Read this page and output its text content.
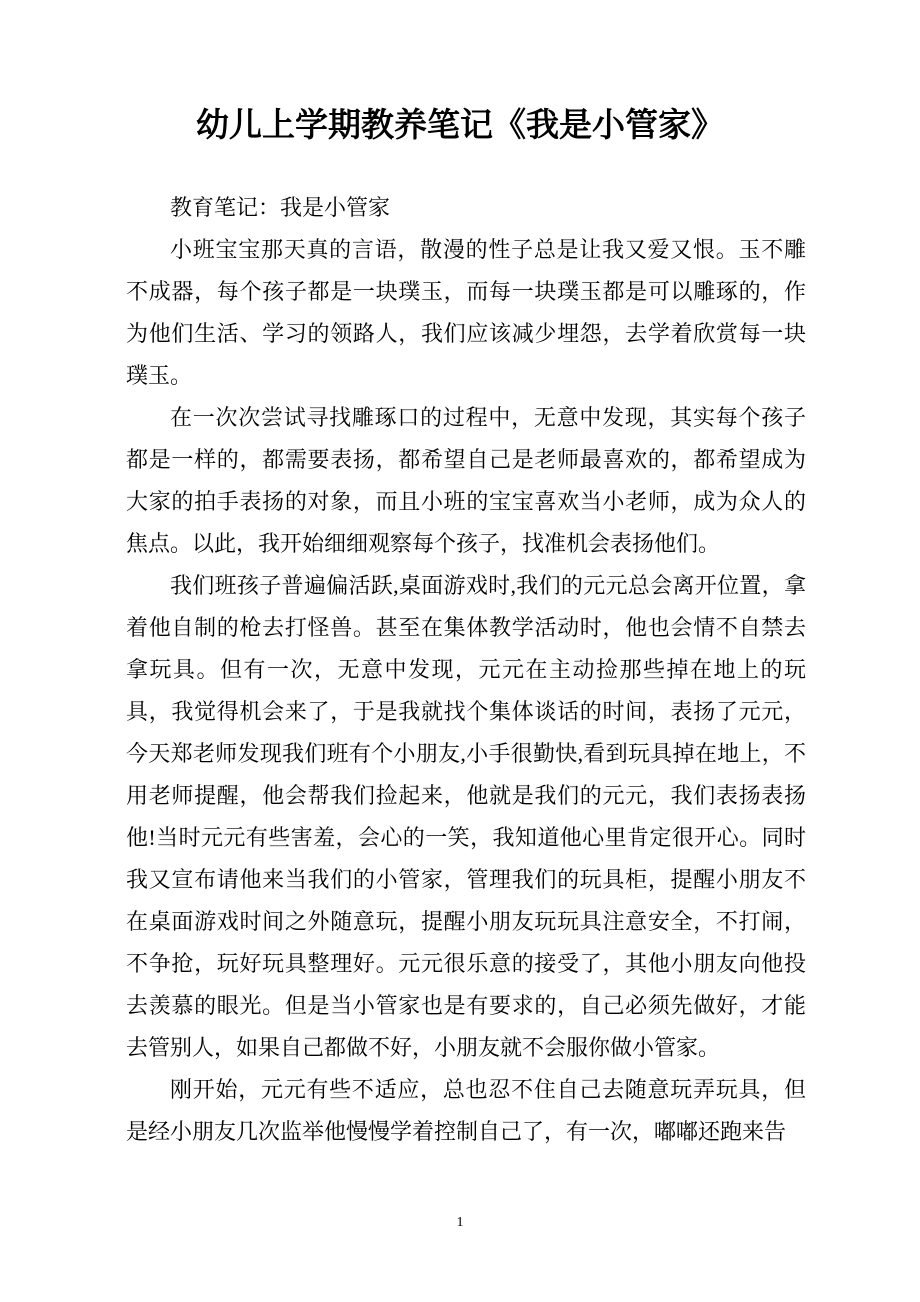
幼儿上学期教养笔记《我是小管家》

教育笔记：我是小管家

小班宝宝那天真的言语，散漫的性子总是让我又爱又恨。玉不雕不成器，每个孩子都是一块璞玉，而每一块璞玉都是可以雕琢的，作为他们生活、学习的领路人，我们应该减少埋怨，去学着欣赏每一块璞玉。

在一次次尝试寻找雕琢口的过程中，无意中发现，其实每个孩子都是一样的，都需要表扬，都希望自己是老师最喜欢的，都希望成为大家的拍手表扬的对象，而且小班的宝宝喜欢当小老师，成为众人的焦点。以此，我开始细细观察每个孩子，找准机会表扬他们。

我们班孩子普遍偏活跃,桌面游戏时,我们的元元总会离开位置，拿着他自制的枪去打怪兽。甚至在集体教学活动时，他也会情不自禁去拿玩具。但有一次，无意中发现，元元在主动捡那些掉在地上的玩具，我觉得机会来了，于是我就找个集体谈话的时间，表扬了元元，今天郑老师发现我们班有个小朋友,小手很勤快,看到玩具掉在地上，不用老师提醒，他会帮我们捡起来，他就是我们的元元，我们表扬表扬他!当时元元有些害羞，会心的一笑，我知道他心里肯定很开心。同时我又宣布请他来当我们的小管家，管理我们的玩具柜，提醒小朋友不在桌面游戏时间之外随意玩，提醒小朋友玩玩具注意安全，不打闹，不争抢，玩好玩具整理好。元元很乐意的接受了，其他小朋友向他投去羡慕的眼光。但是当小管家也是有要求的，自己必须先做好，才能去管别人，如果自己都做不好，小朋友就不会服你做小管家。

刚开始，元元有些不适应，总也忍不住自己去随意玩弄玩具，但是经小朋友几次监举他慢慢学着控制自己了，有一次，嘟嘟还跑来告

1
